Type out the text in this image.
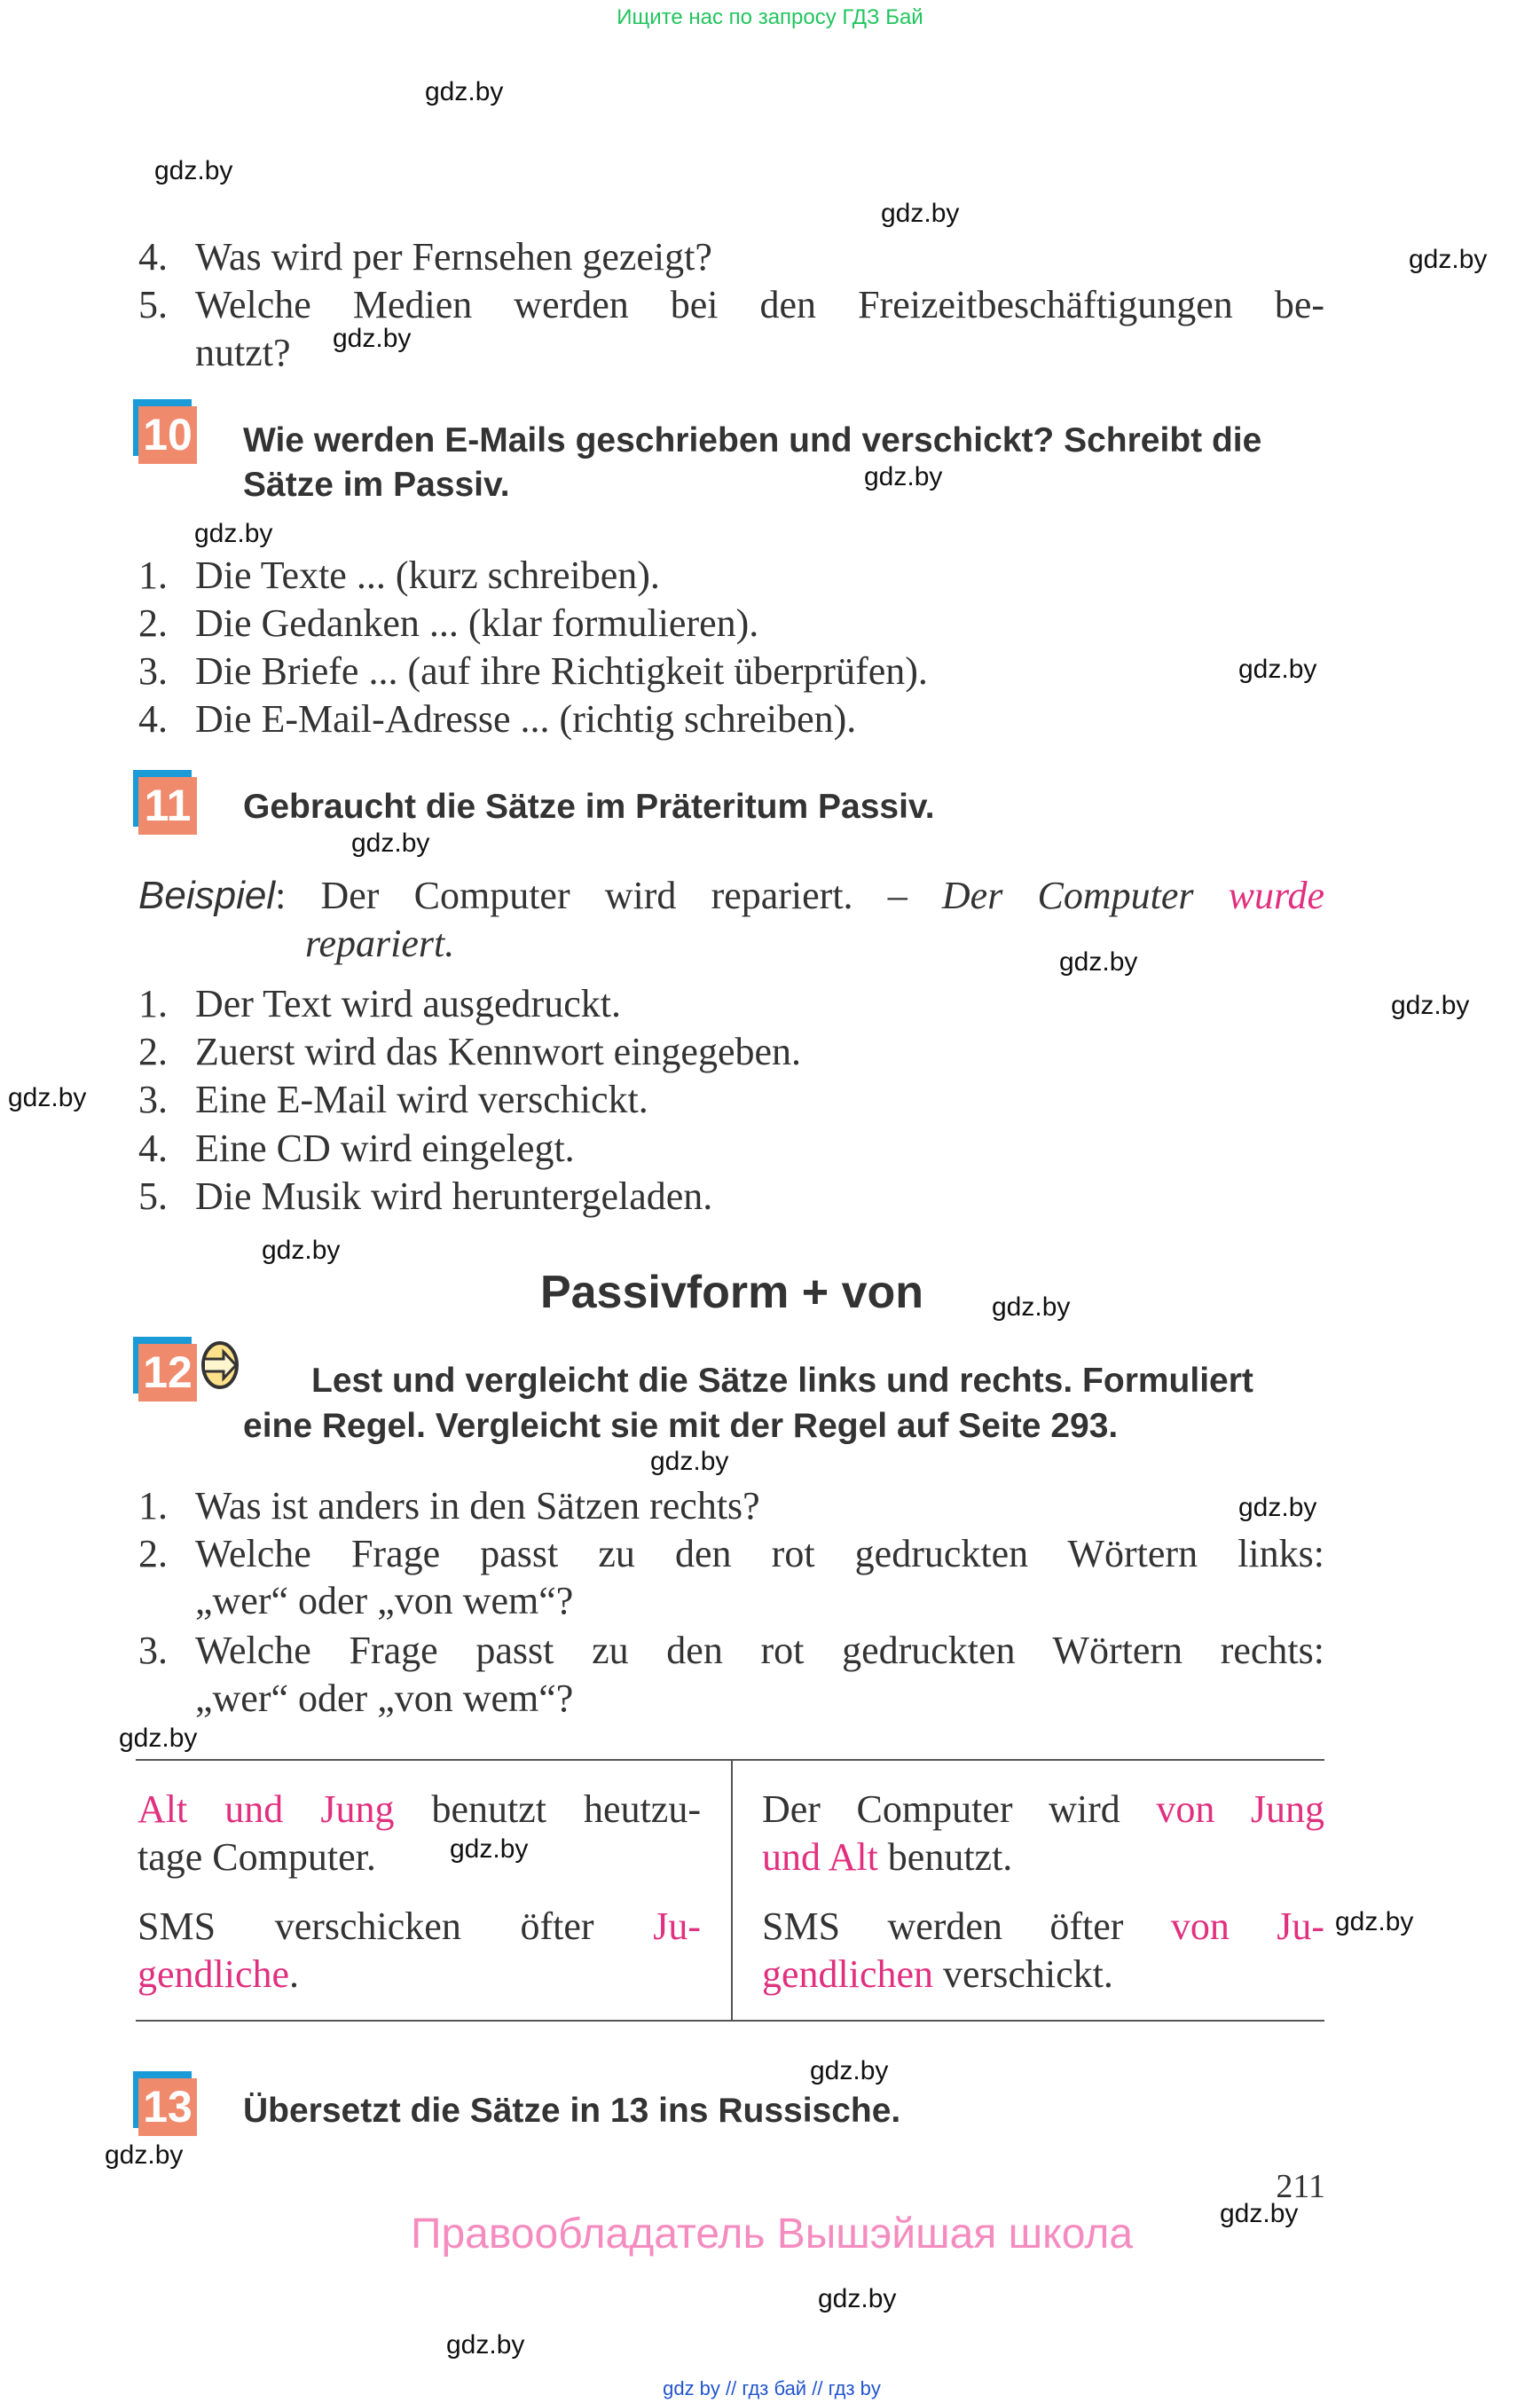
Ищите нас по запросу ГДЗ Бай
4. Was wird per Fernsehen gezeigt?
5. Welche Medien werden bei den Freizeitbeschäftigungen be-
nutzt?
10 Wie werden E-Mails geschrieben und verschickt? Schreibt die
Sätze im Passiv.
1. Die Texte ... (kurz schreiben).
2. Die Gedanken ... (klar formulieren).
3. Die Briefe ... (auf ihre Richtigkeit überprüfen).
4. Die E-Mail-Adresse ... (richtig schreiben).
11 Gebraucht die Sätze im Präteritum Passiv.
Beispiel: Der Computer wird repariert. – Der Computer wurde
repariert.
1. Der Text wird ausgedruckt.
2. Zuerst wird das Kennwort eingegeben.
3. Eine E-Mail wird verschickt.
4. Eine CD wird eingelegt.
5. Die Musik wird heruntergeladen.
Passivform + von
12	Lest und vergleicht die Sätze links und rechts. Formuliert
eine Regel. Vergleicht sie mit der Regel auf Seite 293.
1. Was ist anders in den Sätzen rechts?
2. Welche Frage passt zu den rot gedruckten Wörtern links:
„wer“ oder „von wem“?
3. Welche Frage passt zu den rot gedruckten Wörtern rechts:
„wer“ oder „von wem“?
Alt und Jung benutzt heutzu-
tage Computer.
SMS verschicken öfter Ju-
gendliche.
Der Computer wird von Jung
und Alt benutzt.
SMS werden öfter von Ju-
gendlichen verschickt.
13 Übersetzt die Sätze in 13 ins Russische.
211
Правообладатель Вышэйшая школа
gdz by // гдз бай // гдз by
gdz.by
gdz.by
gdz.by
gdz.by
gdz.by
gdz.by
gdz.by
gdz.by
gdz.by
gdz.by
gdz.by
gdz.by
gdz.by
gdz.by
gdz.by
gdz.by
gdz.by
gdz.by
gdz.by
gdz.by
gdz.by
gdz.by
gdz.by
gdz.by
